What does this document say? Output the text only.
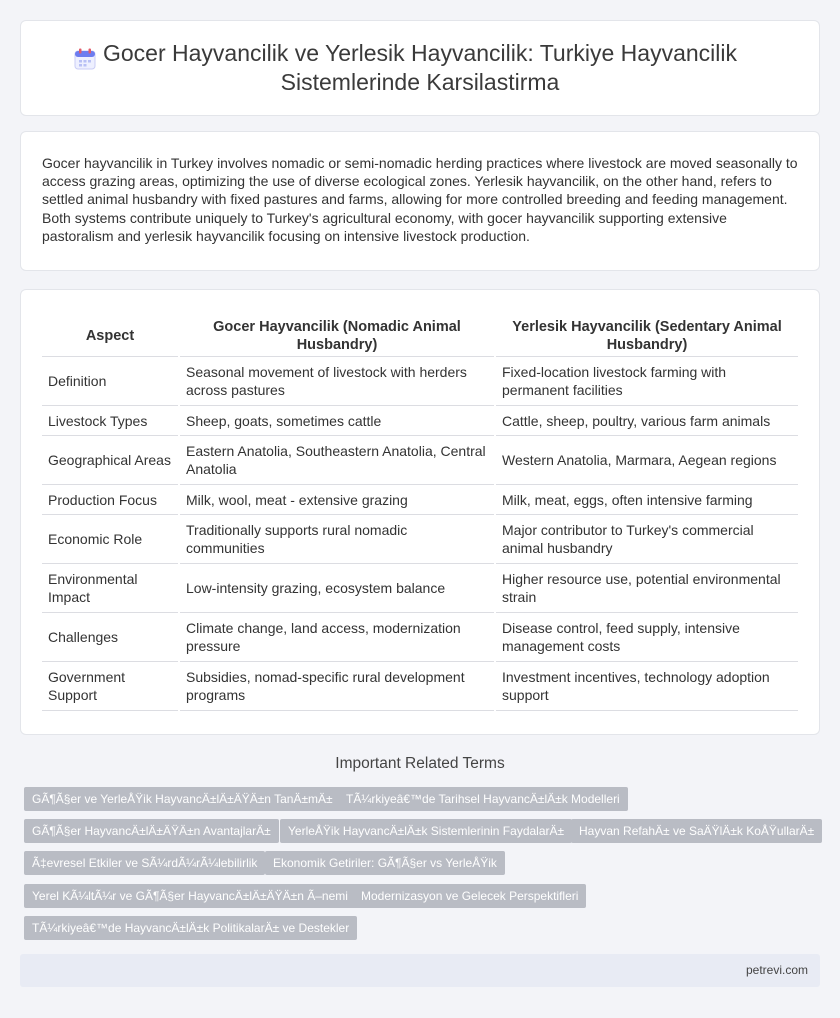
Gocer Hayvancilik ve Yerlesik Hayvancilik: Turkiye Hayvancilik Sistemlerinde Karsilastirma

Gocer hayvancilik in Turkey involves nomadic or semi-nomadic herding practices where livestock are moved seasonally to access grazing areas, optimizing the use of diverse ecological zones. Yerlesik hayvancilik, on the other hand, refers to settled animal husbandry with fixed pastures and farms, allowing for more controlled breeding and feeding management. Both systems contribute uniquely to Turkey's agricultural economy, with gocer hayvancilik supporting extensive pastoralism and yerlesik hayvancilik focusing on intensive livestock production.

Aspect	Gocer Hayvancilik (Nomadic Animal Husbandry)	Yerlesik Hayvancilik (Sedentary Animal Husbandry)
Definition	Seasonal movement of livestock with herders across pastures	Fixed-location livestock farming with permanent facilities
Livestock Types	Sheep, goats, sometimes cattle	Cattle, sheep, poultry, various farm animals
Geographical Areas	Eastern Anatolia, Southeastern Anatolia, Central Anatolia	Western Anatolia, Marmara, Aegean regions
Production Focus	Milk, wool, meat - extensive grazing	Milk, meat, eggs, often intensive farming
Economic Role	Traditionally supports rural nomadic communities	Major contributor to Turkey's commercial animal husbandry
Environmental Impact	Low-intensity grazing, ecosystem balance	Higher resource use, potential environmental strain
Challenges	Climate change, land access, modernization pressure	Disease control, feed supply, intensive management costs
Government Support	Subsidies, nomad-specific rural development programs	Investment incentives, technology adoption support
Important Related Terms
GÃ¶Ã§er ve YerleÅŸik HayvancÄ±lÄ±ÄŸÄ±n TanÄ±mÄ±	TÃ¼rkiyeâ€™de Tarihsel HayvancÄ±lÄ±k Modelleri
GÃ¶Ã§er HayvancÄ±lÄ±ÄŸÄ±n AvantajlarÄ±	YerleÅŸik HayvancÄ±lÄ±k Sistemlerinin FaydalarÄ±	Hayvan RefahÄ± ve SaÄŸlÄ±k KoÅŸullarÄ±
Ã‡evresel Etkiler ve SÃ¼rdÃ¼rÃ¼lebilirlik	Ekonomik Getiriler: GÃ¶Ã§er vs YerleÅŸik
Yerel KÃ¼ltÃ¼r ve GÃ¶Ã§er HayvancÄ±lÄ±ÄŸÄ±n Ã–nemi	Modernizasyon ve Gelecek Perspektifleri
TÃ¼rkiyeâ€™de HayvancÄ±lÄ±k PolitikalarÄ± ve Destekler
petrevi.com
